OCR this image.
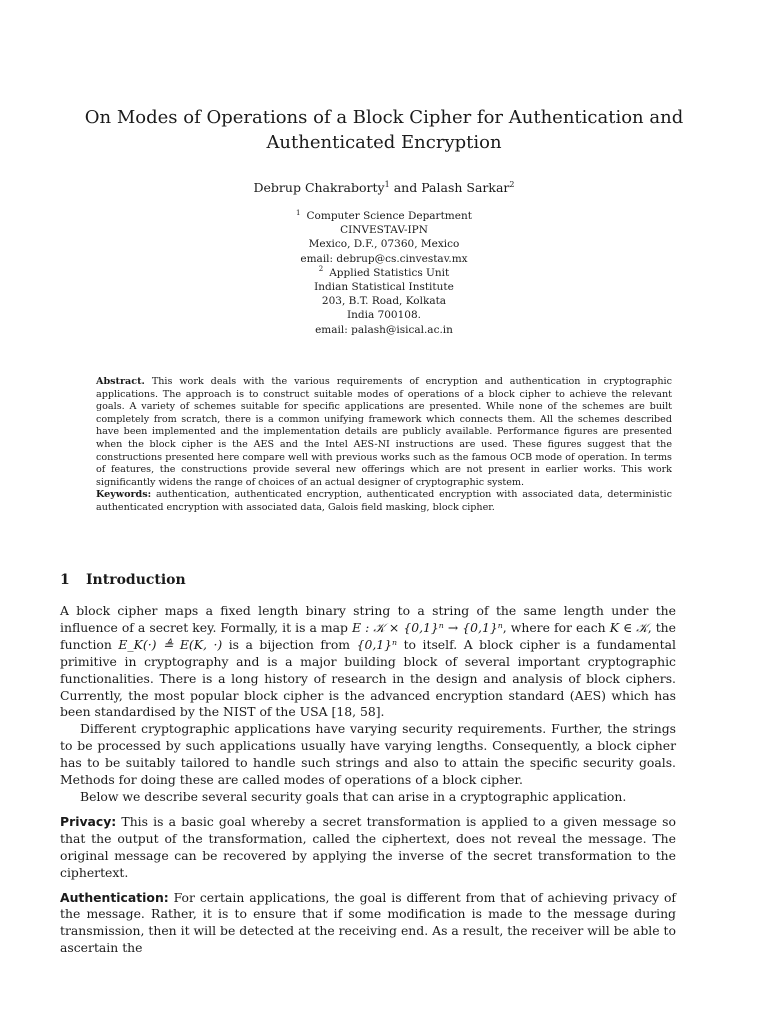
On Modes of Operations of a Block Cipher for Authentication and Authenticated Encryption
Debrup Chakraborty$^1$ and Palash Sarkar$^2$
$^1$ Computer Science Department
CINVESTAV-IPN
Mexico, D.F., 07360, Mexico
email: debrup@cs.cinvestav.mx
$^2$ Applied Statistics Unit
Indian Statistical Institute
203, B.T. Road, Kolkata
India 700108.
email: palash@isical.ac.in

Abstract. This work deals with the various requirements of encryption and authentication in cryptographic applications. The approach is to construct suitable modes of operations of a block cipher to achieve the relevant goals. A variety of schemes suitable for specific applications are presented. While none of the schemes are built completely from scratch, there is a common unifying framework which connects them. All the schemes described have been implemented and the implementation details are publicly available. Performance figures are presented when the block cipher is the AES and the Intel AES-NI instructions are used. These figures suggest that the constructions presented here compare well with previous works such as the famous OCB mode of operation. In terms of features, the constructions provide several new offerings which are not present in earlier works. This work significantly widens the range of choices of an actual designer of cryptographic system.

Keywords: authentication, authenticated encryption, authenticated encryption with associated data, deterministic authenticated encryption with associated data, Galois field masking, block cipher.

1 Introduction

A block cipher maps a fixed length binary string to a string of the same length under the influence of a secret key. Formally, it is a map E : 𝒦 × {0,1}ⁿ → {0,1}ⁿ, where for each K ∈ 𝒦, the function E_K(·) ≜ E(K, ·) is a bijection from {0,1}ⁿ to itself. A block cipher is a fundamental primitive in cryptography and is a major building block of several important cryptographic functionalities. There is a long history of research in the design and analysis of block ciphers. Currently, the most popular block cipher is the advanced encryption standard (AES) which has been standardised by the NIST of the USA [18, 58].

Different cryptographic applications have varying security requirements. Further, the strings to be processed by such applications usually have varying lengths. Consequently, a block cipher has to be suitably tailored to handle such strings and also to attain the specific security goals. Methods for doing these are called modes of operations of a block cipher.

Below we describe several security goals that can arise in a cryptographic application.

Privacy: This is a basic goal whereby a secret transformation is applied to a given message so that the output of the transformation, called the ciphertext, does not reveal the message. The original message can be recovered by applying the inverse of the secret transformation to the ciphertext.

Authentication: For certain applications, the goal is different from that of achieving privacy of the message. Rather, it is to ensure that if some modification is made to the message during transmission, then it will be detected at the receiving end. As a result, the receiver will be able to ascertain the
